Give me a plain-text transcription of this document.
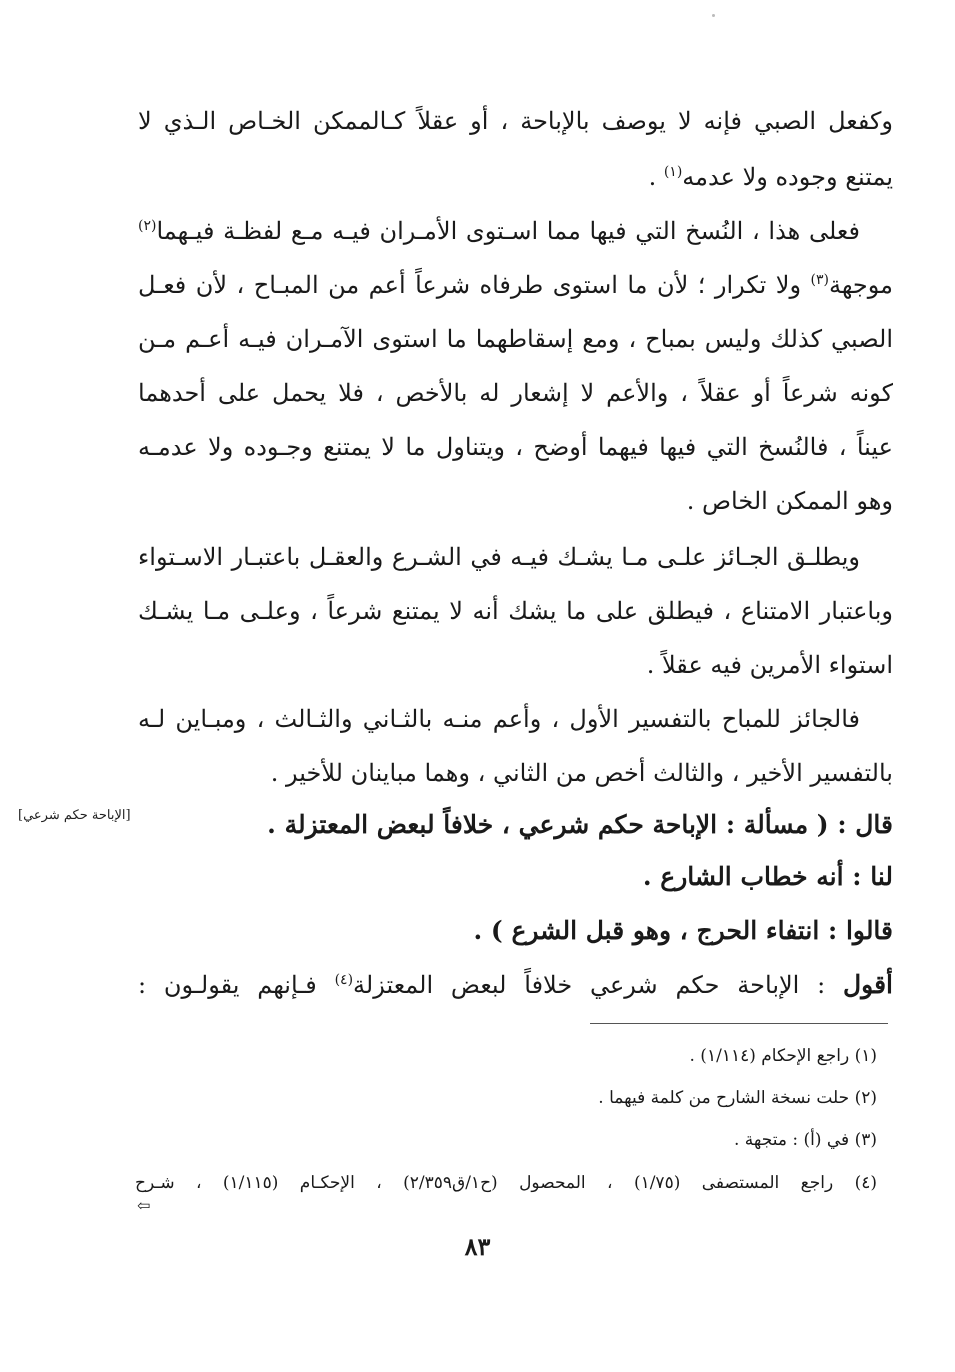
وكفعل الصبي فإنه لا يوصف بالإباحة ، أو عقلاً كـالممكن الخـاص الـذي لا
يمتنع وجوده ولا عدمه$^{(١)}$ .
فعلى هذا ، النُسخ التي فيها مما اسـتوى الأمـران فيـه مـع لفظـة فيـهما$^{(٢)}$
موجهة$^{(٣)}$ ولا تكرار ؛ لأن ما استوى طرفاه شرعاً أعم من المبـاح ، لأن فعـل
الصبي كذلك وليس بمباح ، ومع إسقاطهما ما استوى الآمـران فيـه أعـم مـن
كونه شرعاً أو عقلاً ، والأعم لا إشعار له بالأخص ، فلا يحمل على أحدهما
عيناً ، فالنُسخ التي فيها فيهما أوضح ، ويتناول ما لا يمتنع وجـوده ولا عدمـه
وهو الممكن الخاص .
ويطلـق الجـائز علـى مـا يشـك فيـه في الشـرع والعقـل باعتبـار الاسـتواء
وباعتبار الامتناع ، فيطلق على ما يشك أنه لا يمتنع شرعاً ، وعلـى مـا يشـك
استواء الأمرين فيه عقلاً .
فالجائز للمباح بالتفسير الأول ، وأعم منـه بالثـاني والثـالث ، ومبـاين لـه
بالتفسير الأخير ، والثالث أخص من الثاني ، وهما مباينان للأخير .
قال : ( مسألة : الإباحة حكم شرعي ، خلافاً لبعض المعتزلة .
[الإباحة حكم شرعي]
لنا : أنه خطاب الشارع .
قالوا : انتفاء الحرج ، وهو قبل الشرع ) .
أقول : الإباحة حكم شرعي خلافاً لبعض المعتزلة$^{(٤)}$ فـإنهم يقولـون :
(١) راجع الإحكام (١/١١٤) .
(٢) حلت نسخة الشارح من كلمة فيهما .
(٣) في (أ) : متجهة .
(٤) راجع المستصفى (١/٧٥) ، المحصول (ح١/ق٢/٣٥٩) ، الإحكـام (١/١١٥) ، شـرح
⇦
٨٣
